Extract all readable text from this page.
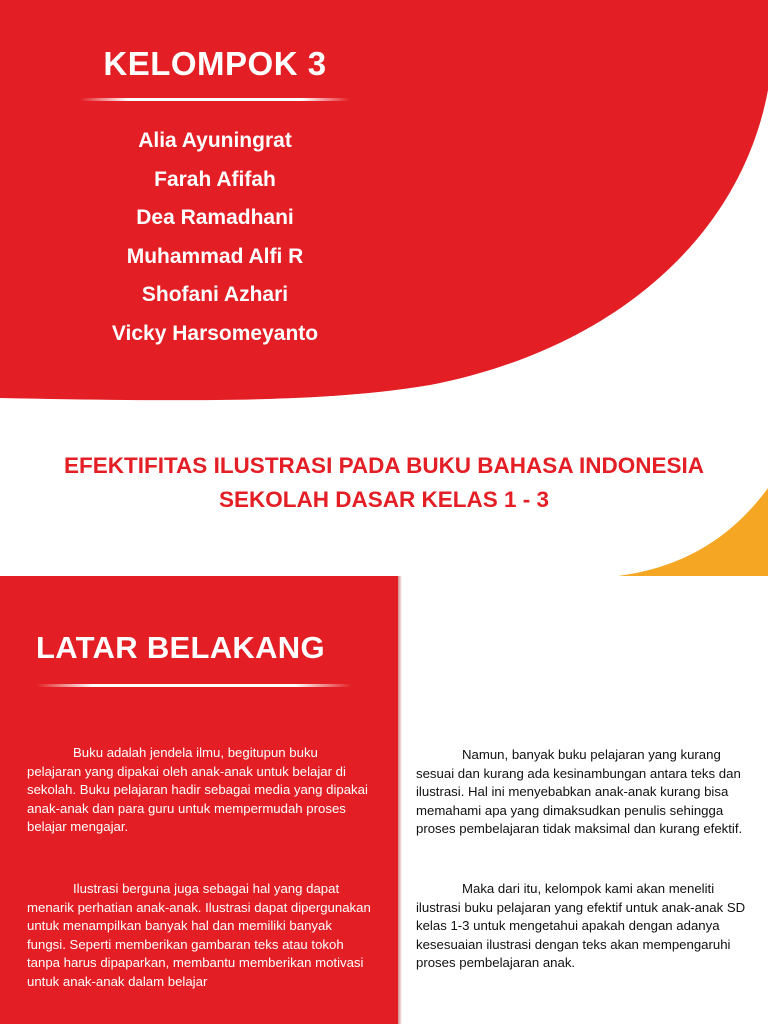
KELOMPOK 3
Alia Ayuningrat
Farah Afifah
Dea Ramadhani
Muhammad Alfi R
Shofani Azhari
Vicky Harsomeyanto
EFEKTIFITAS ILUSTRASI PADA BUKU BAHASA INDONESIA
SEKOLAH DASAR KELAS 1 - 3
LATAR BELAKANG

Buku adalah jendela ilmu, begitupun buku pelajaran yang dipakai oleh anak-anak untuk belajar di sekolah. Buku pelajaran hadir sebagai media yang dipakai anak-anak dan para guru untuk mempermudah proses belajar mengajar.

Ilustrasi berguna juga sebagai hal yang dapat menarik perhatian anak-anak. Ilustrasi dapat dipergunakan untuk menampilkan banyak hal dan memiliki banyak fungsi. Seperti memberikan gambaran teks atau tokoh tanpa harus dipaparkan, membantu memberikan motivasi untuk anak-anak dalam belajar

Namun, banyak buku pelajaran yang kurang sesuai dan kurang ada kesinambungan antara teks dan ilustrasi. Hal ini menyebabkan anak-anak kurang bisa memahami apa yang dimaksudkan penulis sehingga proses pembelajaran tidak maksimal dan kurang efektif.

Maka dari itu, kelompok kami akan meneliti ilustrasi buku pelajaran yang efektif untuk anak-anak SD kelas 1-3 untuk mengetahui apakah dengan adanya kesesuaian ilustrasi dengan teks akan mempengaruhi proses pembelajaran anak.
